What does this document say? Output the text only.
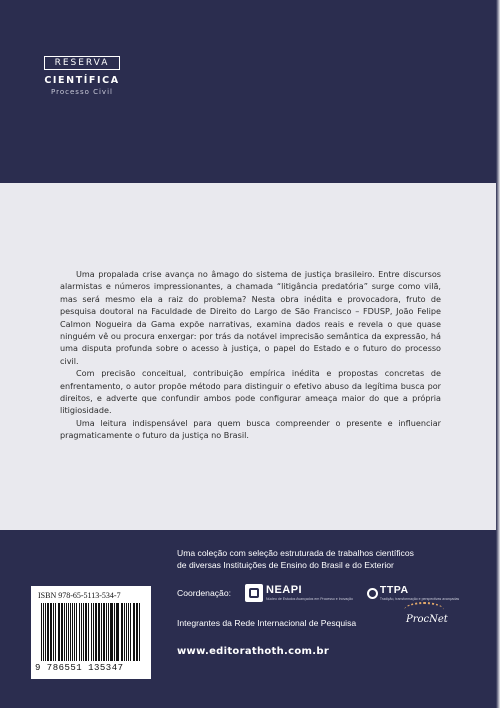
RESERVA
CIENTÍFICA
Processo Civil

Uma propalada crise avança no âmago do sistema de justiça brasileiro. Entre discursos alarmistas e números impressionantes, a chamada “litigância predatória” surge como vilã, mas será mesmo ela a raiz do problema? Nesta obra inédita e provocadora, fruto de pesquisa doutoral na Faculdade de Direito do Largo de São Francisco – FDUSP, João Felipe Calmon Nogueira da Gama expõe narrativas, examina dados reais e revela o que quase ninguém vê ou procura enxergar: por trás da notável imprecisão semântica da expressão, há uma disputa profunda sobre o acesso à justiça, o papel do Estado e o futuro do processo civil.

Com precisão conceitual, contribuição empírica inédita e propostas concretas de enfrentamento, o autor propõe método para distinguir o efetivo abuso da legítima busca por direitos, e adverte que confundir ambos pode configurar ameaça maior do que a própria litigiosidade.

Uma leitura indispensável para quem busca compreender o presente e influenciar pragmaticamente o futuro da justiça no Brasil.

Uma coleção com seleção estruturada de trabalhos científicos
de diversas Instituições de Ensino do Brasil e do Exterior
Coordenação:	NEAPI
Núcleo de Estudos Avançados em Processo e Inovação
TTPA
Tradição, transformação e perspectivas avançadas
Integrantes da Rede Internacional de Pesquisa	ProcNet
www.editorathoth.com.br
ISBN 978-65-5113-534-7
9 786551 135347
